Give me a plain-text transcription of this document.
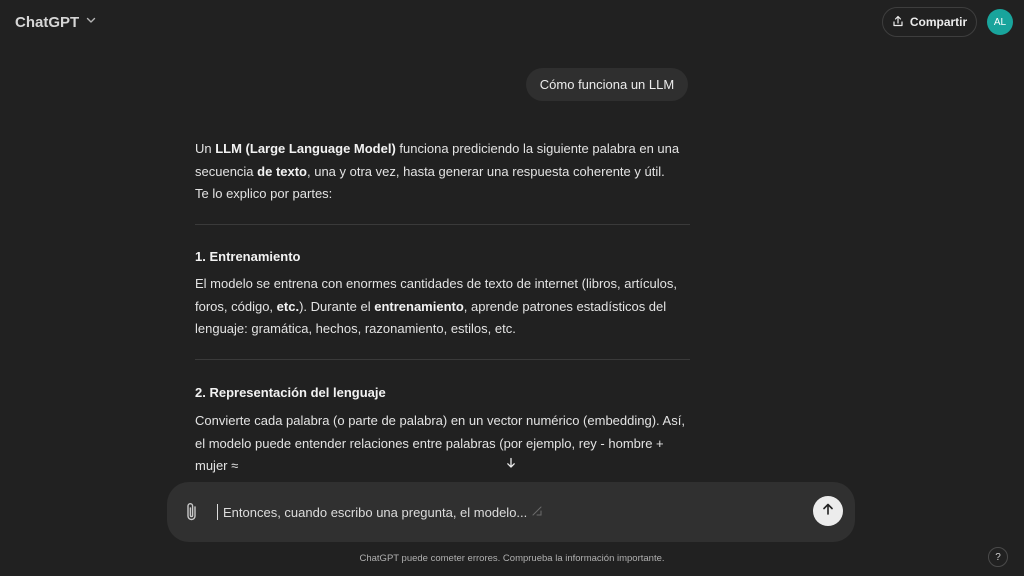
ChatGPT	Compartir	AL
Cómo funciona un LLM

Un LLM (Large Language Model) funciona prediciendo la siguiente palabra en una secuencia de texto, una y otra vez, hasta generar una respuesta coherente y útil.
Te lo explico por partes:

1. Entrenamiento

El modelo se entrena con enormes cantidades de texto de internet (libros, artículos, foros, código, etc.). Durante el entrenamiento, aprende patrones estadísticos del lenguaje: gramática, hechos, razonamiento, estilos, etc.

2. Representación del lenguaje

Convierte cada palabra (o parte de palabra) en un vector numérico (embedding). Así, el modelo puede entender relaciones entre palabras (por ejemplo, rey - hombre + mujer ≈

Entonces, cuando escribo una pregunta, el modelo...
ChatGPT puede cometer errores. Comprueba la información importante.	?
